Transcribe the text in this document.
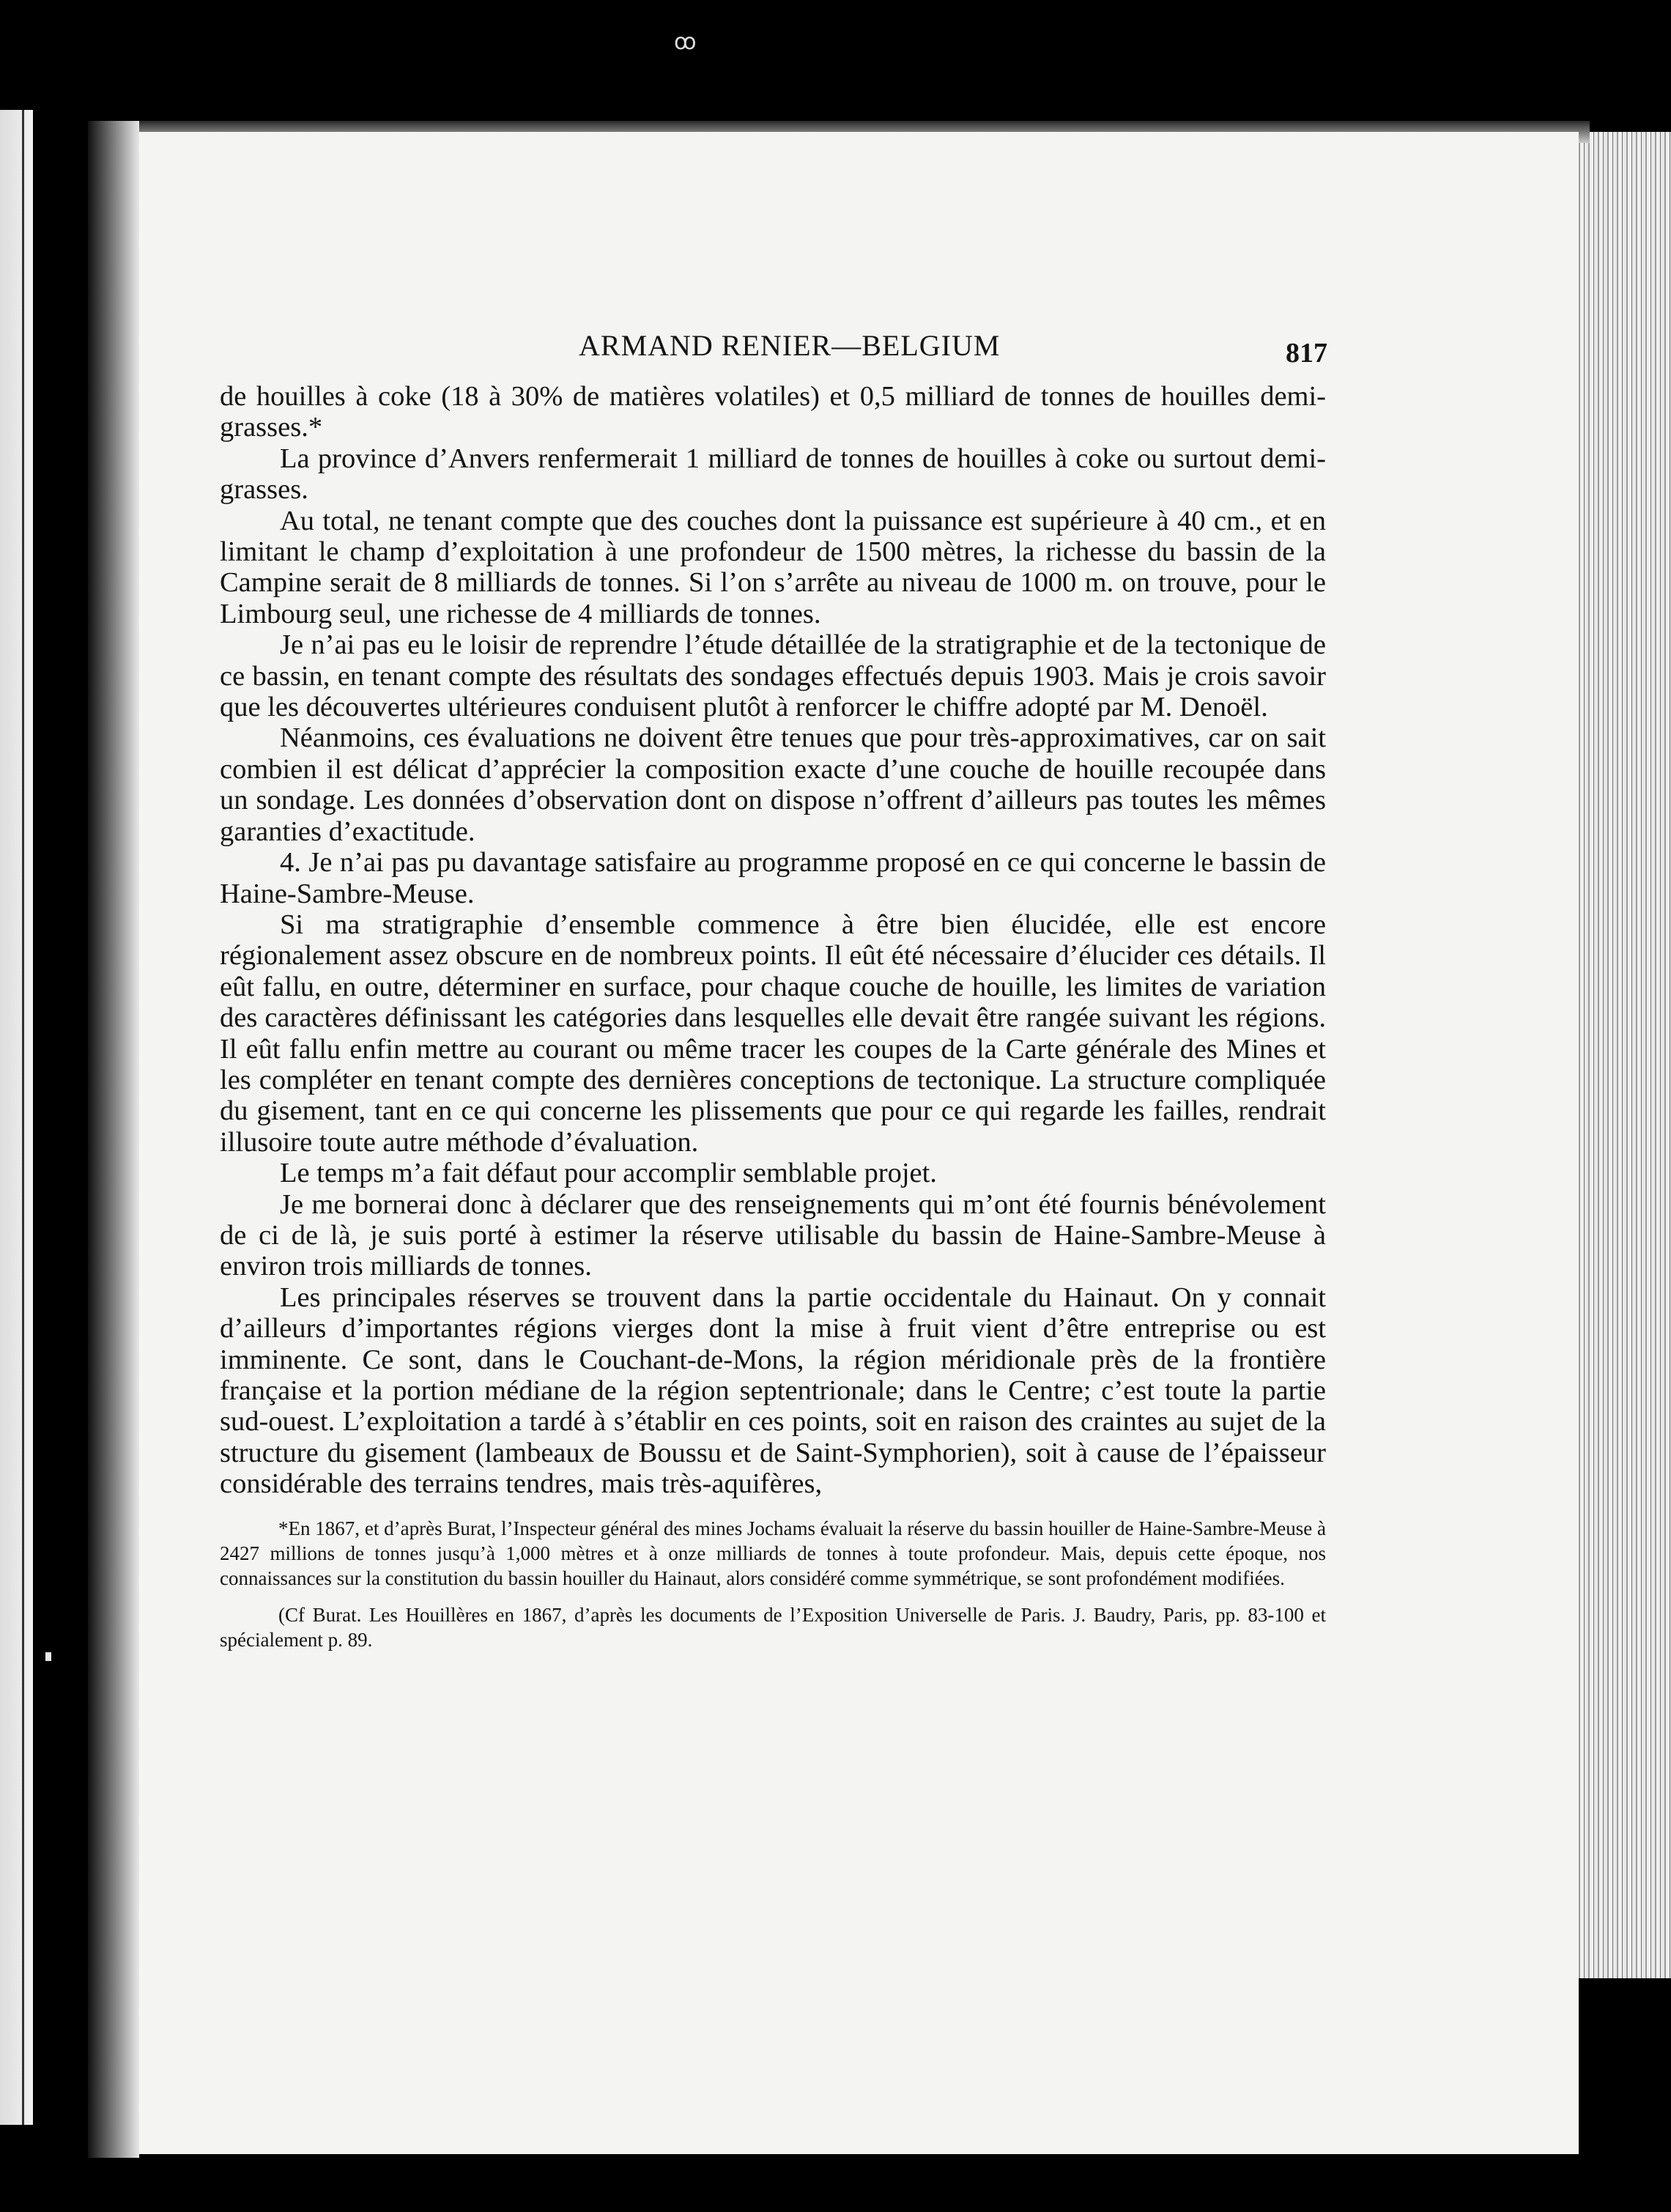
ꝏ
ARMAND RENIER—BELGIUM	817

de houilles à coke (18 à 30% de matières volatiles) et 0,5 milliard de tonnes de houilles demi-grasses.*

La province d’Anvers renfermerait 1 milliard de tonnes de houilles à coke ou surtout demi-grasses.

Au total, ne tenant compte que des couches dont la puissance est supérieure à 40 cm., et en limitant le champ d’exploitation à une profondeur de 1500 mètres, la richesse du bassin de la Campine serait de 8 milliards de tonnes. Si l’on s’arrête au niveau de 1000 m. on trouve, pour le Limbourg seul, une richesse de 4 milliards de tonnes.

Je n’ai pas eu le loisir de reprendre l’étude détaillée de la stratigraphie et de la tectonique de ce bassin, en tenant compte des résultats des sondages effectués depuis 1903. Mais je crois savoir que les découvertes ultérieures conduisent plutôt à renforcer le chiffre adopté par M. Denoël.

Néanmoins, ces évaluations ne doivent être tenues que pour très-approximatives, car on sait combien il est délicat d’apprécier la composition exacte d’une couche de houille recoupée dans un sondage. Les données d’observation dont on dispose n’offrent d’ailleurs pas toutes les mêmes garanties d’exactitude.

4. Je n’ai pas pu davantage satisfaire au programme proposé en ce qui concerne le bassin de Haine-Sambre-Meuse.

Si ma stratigraphie d’ensemble commence à être bien élucidée, elle est encore régionalement assez obscure en de nombreux points. Il eût été nécessaire d’élucider ces détails. Il eût fallu, en outre, déterminer en surface, pour chaque couche de houille, les limites de variation des caractères définissant les catégories dans lesquelles elle devait être rangée suivant les régions. Il eût fallu enfin mettre au courant ou même tracer les coupes de la Carte générale des Mines et les compléter en tenant compte des dernières conceptions de tectonique. La structure compliquée du gisement, tant en ce qui concerne les plissements que pour ce qui regarde les failles, rendrait illusoire toute autre méthode d’évaluation.

Le temps m’a fait défaut pour accomplir semblable projet.

Je me bornerai donc à déclarer que des renseignements qui m’ont été fournis bénévolement de ci de là, je suis porté à estimer la réserve utilisable du bassin de Haine-Sambre-Meuse à environ trois milliards de tonnes.

Les principales réserves se trouvent dans la partie occidentale du Hainaut. On y connait d’ailleurs d’importantes régions vierges dont la mise à fruit vient d’être entreprise ou est imminente. Ce sont, dans le Couchant-de-Mons, la région méridionale près de la frontière française et la portion médiane de la région septentrionale; dans le Centre; c’est toute la partie sud-ouest. L’exploitation a tardé à s’établir en ces points, soit en raison des craintes au sujet de la structure du gisement (lambeaux de Boussu et de Saint-Symphorien), soit à cause de l’épaisseur considérable des terrains tendres, mais très-aquifères,

*En 1867, et d’après Burat, l’Inspecteur général des mines Jochams évaluait la réserve du bassin houiller de Haine-Sambre-Meuse à 2427 millions de tonnes jusqu’à 1,000 mètres et à onze milliards de tonnes à toute profondeur. Mais, depuis cette époque, nos connaissances sur la constitution du bassin houiller du Hainaut, alors considéré comme symmétrique, se sont profondément modifiées.

(Cf Burat. Les Houillères en 1867, d’après les documents de l’Exposition Universelle de Paris. J. Baudry, Paris, pp. 83-100 et spécialement p. 89.
